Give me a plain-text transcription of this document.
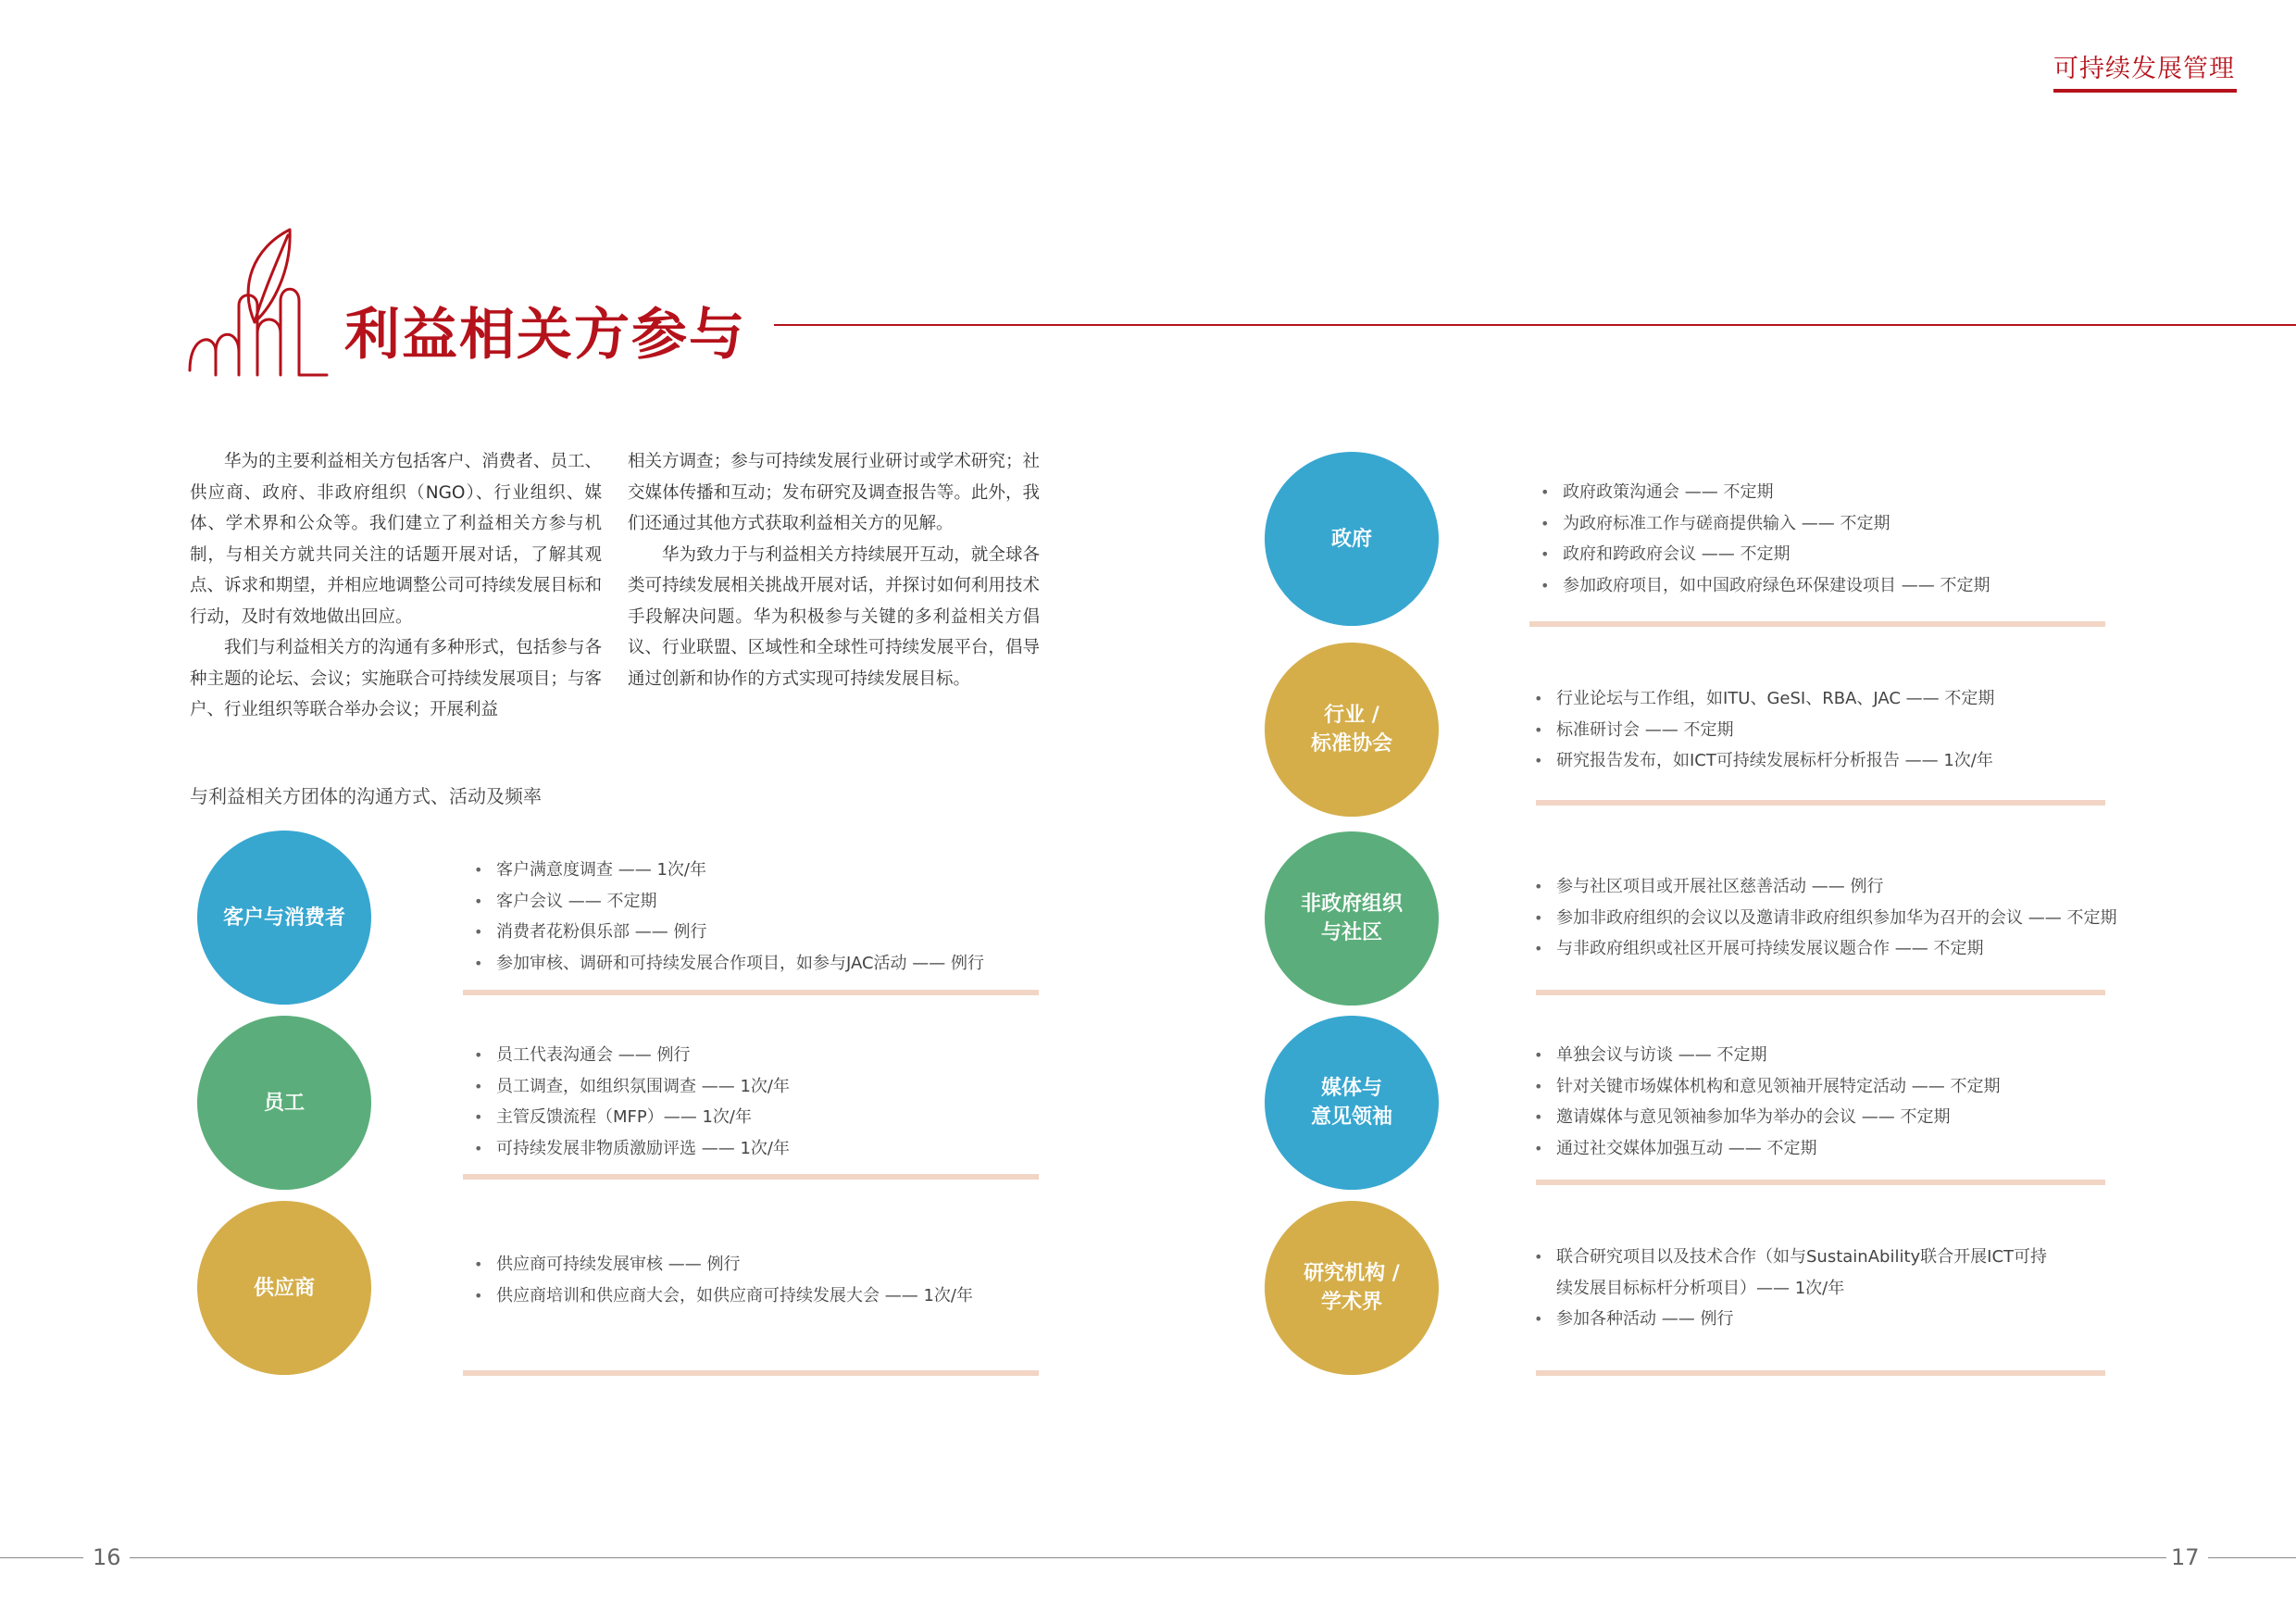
可持续发展管理
利益相关方参与

华为的主要利益相关方包括客户、消费者、员工、供应商、政府、非政府组织（NGO）、行业组织、媒体、学术界和公众等。我们建立了利益相关方参与机制，与相关方就共同关注的话题开展对话，了解其观点、诉求和期望，并相应地调整公司可持续发展目标和行动，及时有效地做出回应。

我们与利益相关方的沟通有多种形式，包括参与各种主题的论坛、会议；实施联合可持续发展项目；与客户、行业组织等联合举办会议；开展利益

相关方调查；参与可持续发展行业研讨或学术研究；社交媒体传播和互动；发布研究及调查报告等。此外，我们还通过其他方式获取利益相关方的见解。

华为致力于与利益相关方持续展开互动，就全球各类可持续发展相关挑战开展对话，并探讨如何利用技术手段解决问题。华为积极参与关键的多利益相关方倡议、行业联盟、区域性和全球性可持续发展平台，倡导通过创新和协作的方式实现可持续发展目标。

与利益相关方团体的沟通方式、活动及频率
客户与消费者
• 客户满意度调查 —— 1次/年
• 客户会议 —— 不定期
• 消费者花粉俱乐部 —— 例行
• 参加审核、调研和可持续发展合作项目，如参与JAC活动 —— 例行
员工
• 员工代表沟通会 —— 例行
• 员工调查，如组织氛围调查 —— 1次/年
• 主管反馈流程（MFP）—— 1次/年
• 可持续发展非物质激励评选 —— 1次/年
供应商
• 供应商可持续发展审核 —— 例行
• 供应商培训和供应商大会，如供应商可持续发展大会 —— 1次/年
政府
• 政府政策沟通会 —— 不定期
• 为政府标准工作与磋商提供输入 —— 不定期
• 政府和跨政府会议 —— 不定期
• 参加政府项目，如中国政府绿色环保建设项目 —— 不定期
行业 /
标准协会
• 行业论坛与工作组，如ITU、GeSI、RBA、JAC —— 不定期
• 标准研讨会 —— 不定期
• 研究报告发布，如ICT可持续发展标杆分析报告 —— 1次/年
非政府组织
与社区
• 参与社区项目或开展社区慈善活动 —— 例行
• 参加非政府组织的会议以及邀请非政府组织参加华为召开的会议 —— 不定期
• 与非政府组织或社区开展可持续发展议题合作 —— 不定期
媒体与
意见领袖
• 单独会议与访谈 —— 不定期
• 针对关键市场媒体机构和意见领袖开展特定活动 —— 不定期
• 邀请媒体与意见领袖参加华为举办的会议 —— 不定期
• 通过社交媒体加强互动 —— 不定期
研究机构 /
学术界
• 联合研究项目以及技术合作（如与SustainAbility联合开展ICT可持续发展目标标杆分析项目）—— 1次/年
• 参加各种活动 —— 例行
16	17
